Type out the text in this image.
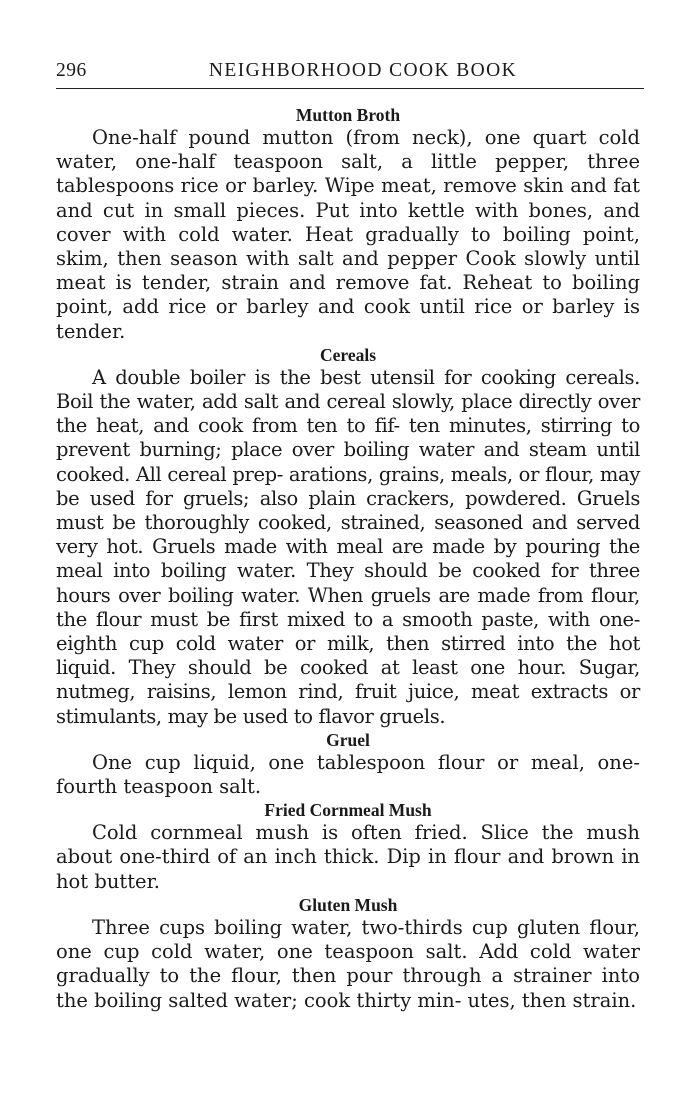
296	NEIGHBORHOOD COOK BOOK
Mutton Broth

One-half pound mutton (from neck), one quart cold water, one-half teaspoon salt, a little pepper, three tablespoons rice or barley. Wipe meat, remove skin and fat and cut in small pieces. Put into kettle with bones, and cover with cold water. Heat gradually to boiling point, skim, then season with salt and pepper Cook slowly until meat is tender, strain and remove fat. Reheat to boiling point, add rice or barley and cook until rice or barley is tender.

Cereals

A double boiler is the best utensil for cooking cereals. Boil the water, add salt and cereal slowly, place directly over the heat, and cook from ten to fif- ten minutes, stirring to prevent burning; place over boiling water and steam until cooked. All cereal prep- arations, grains, meals, or flour, may be used for gruels; also plain crackers, powdered. Gruels must be thoroughly cooked, strained, seasoned and served very hot. Gruels made with meal are made by pouring the meal into boiling water. They should be cooked for three hours over boiling water. When gruels are made from flour, the flour must be first mixed to a smooth paste, with one-eighth cup cold water or milk, then stirred into the hot liquid. They should be cooked at least one hour. Sugar, nutmeg, raisins, lemon rind, fruit juice, meat extracts or stimulants, may be used to flavor gruels.

Gruel

One cup liquid, one tablespoon flour or meal, one- fourth teaspoon salt.

Fried Cornmeal Mush

Cold cornmeal mush is often fried. Slice the mush about one-third of an inch thick. Dip in flour and brown in hot butter.

Gluten Mush

Three cups boiling water, two-thirds cup gluten flour, one cup cold water, one teaspoon salt. Add cold water gradually to the flour, then pour through a strainer into the boiling salted water; cook thirty min- utes, then strain.
